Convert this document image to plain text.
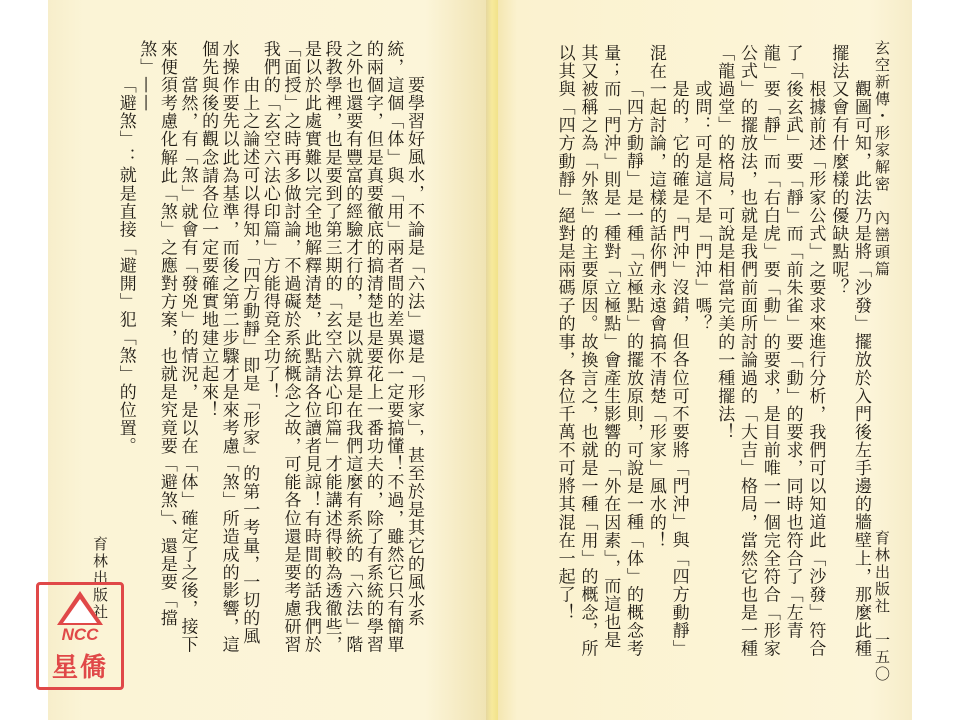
玄空新傳・形家解密　內巒頭篇
育林出版社　一五〇
觀圖可知，此法乃是將「沙發」擺放於入門後左手邊的牆壁上，那麼此種
擺法又會有什麼樣的優缺點呢？
根據前述「形家公式」之要求來進行分析，我們可以知道此「沙發」符合
了「後玄武」要「靜」而「前朱雀」要「動」的要求，同時也符合了「左青
龍」要「靜」而「右白虎」要「動」的要求，是目前唯一一個完全符合「形家
公式」的擺放法，也就是我們前面所討論過的「大吉」格局，當然它也是一種
「龍過堂」的格局，可說是相當完美的一種擺法！
或問：可是這不是「門沖」嗎？
是的，它的確是「門沖」沒錯，但各位可不要將「門沖」與「四方動靜」
混在一起討論，這樣的話你們永遠會搞不清楚「形家」風水的！
「四方動靜」是一種「立極點」的擺放原則，可說是一種「体」的概念考
量；而「門沖」則是一種對「立極點」會產生影響的「外在因素」，而這也是
其又被稱之為「外煞」的主要原因。故換言之，也就是一種「用」的概念，所
以其與「四方動靜」絕對是兩碼子的事，各位千萬不可將其混在一起了！
要學習好風水，不論是「六法」還是「形家」，甚至於是其它的風水系
統，這個「体」與「用」兩者間的差異你一定要搞懂！不過，雖然它只有簡單
的兩個字，但是真要徹底的搞清楚也是要花上一番功夫的，除了有系統的學習
之外也還要有豐富的經驗才行的，是以就算是在我們這麼有系統的「六法」階
段教學裡，也是要到了第三期的「玄空六法心印篇」才能講述得較為透徹些，
是以於此處實難以完全地解釋清楚，此點請各位讀者見諒！有時間的話我們於
「面授」之時再多做討論，不過礙於系統概念之故，可能各位還是要考慮研習
我們的「玄空六法心印篇」方能得竟全功了！
由上之論述可以得知，「四方動靜」即是「形家」的第一考量，一切的風
水操作要先以此為基準，而後之第二步驟才是來考慮「煞」所造成的影響，這
個先與後的觀念請各位一定要確實地建立起來！
當然，有「煞」就會有「發兇」的情況，是以在「体」確定了之後，接下
來便須考慮化解此「煞」之應對方案，也就是究竟要「避煞」、還是要「擋
煞」——
「避煞」：就是直接「避開」犯「煞」的位置。
育林出版社
NCC
星僑
